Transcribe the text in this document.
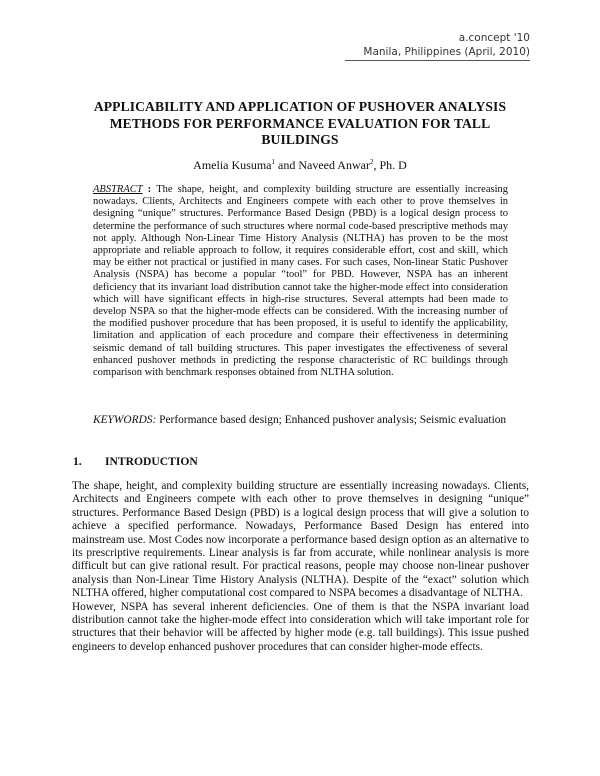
a.concept '10
Manila, Philippines (April, 2010)
APPLICABILITY AND APPLICATION OF PUSHOVER ANALYSIS METHODS FOR PERFORMANCE EVALUATION FOR TALL BUILDINGS
Amelia Kusuma$^1$ and Naveed Anwar$^2$, Ph. D
ABSTRACT : The shape, height, and complexity building structure are essentially increasing nowadays. Clients, Architects and Engineers compete with each other to prove themselves in designing “unique” structures. Performance Based Design (PBD) is a logical design process to determine the performance of such structures where normal code-based prescriptive methods may not apply. Although Non-Linear Time History Analysis (NLTHA) has proven to be the most appropriate and reliable approach to follow, it requires considerable effort, cost and skill, which may be either not practical or justified in many cases. For such cases, Non-linear Static Pushover Analysis (NSPA) has become a popular “tool” for PBD. However, NSPA has an inherent deficiency that its invariant load distribution cannot take the higher-mode effect into consideration which will have significant effects in high-rise structures. Several attempts had been made to develop NSPA so that the higher-mode effects can be considered. With the increasing number of the modified pushover procedure that has been proposed, it is useful to identify the applicability, limitation and application of each procedure and compare their effectiveness in determining seismic demand of tall building structures. This paper investigates the effectiveness of several enhanced pushover methods in predicting the response characteristic of RC buildings through comparison with benchmark responses obtained from NLTHA solution.
KEYWORDS: Performance based design; Enhanced pushover analysis; Seismic evaluation
1. INTRODUCTION

The shape, height, and complexity building structure are essentially increasing nowadays. Clients, Architects and Engineers compete with each other to prove themselves in designing “unique” structures. Performance Based Design (PBD) is a logical design process that will give a solution to achieve a specified performance. Nowadays, Performance Based Design has entered into mainstream use. Most Codes now incorporate a performance based design option as an alternative to its prescriptive requirements. Linear analysis is far from accurate, while nonlinear analysis is more difficult but can give rational result. For practical reasons, people may choose non-linear pushover analysis than Non-Linear Time History Analysis (NLTHA). Despite of the “exact” solution which NLTHA offered, higher computational cost compared to NSPA becomes a disadvantage of NLTHA.

However, NSPA has several inherent deficiencies. One of them is that the NSPA invariant load distribution cannot take the higher-mode effect into consideration which will take important role for structures that their behavior will be affected by higher mode (e.g. tall buildings). This issue pushed engineers to develop enhanced pushover procedures that can consider higher-mode effects.
